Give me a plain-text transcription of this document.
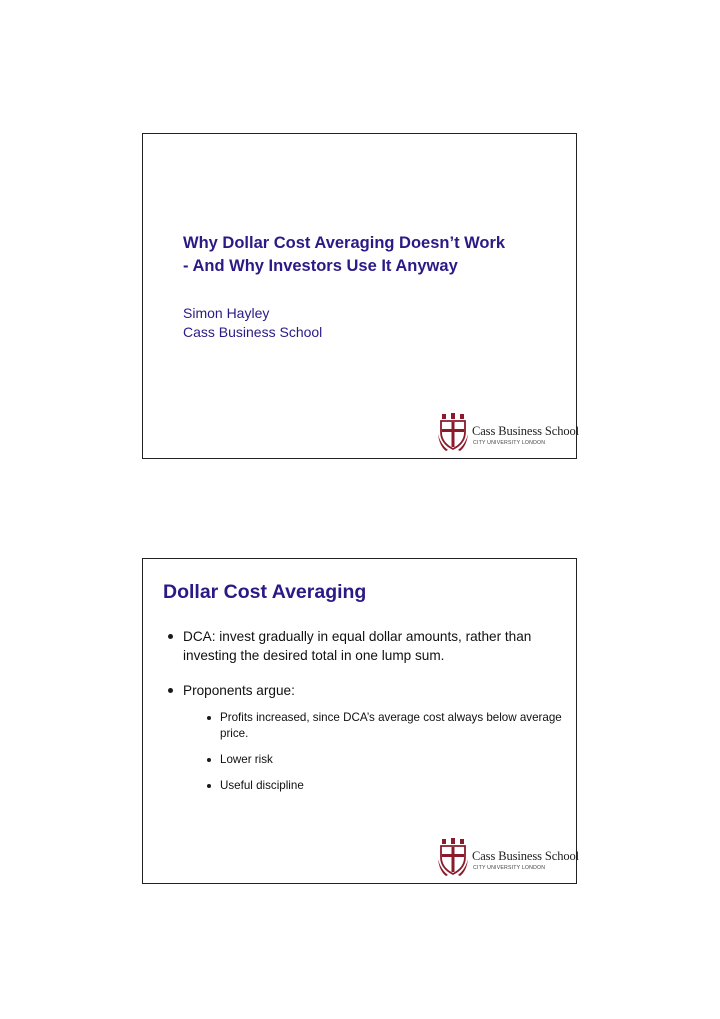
Why Dollar Cost Averaging Doesn’t Work
- And Why Investors Use It Anyway
Simon Hayley
Cass Business School
Cass Business School
CITY UNIVERSITY LONDON
Dollar Cost Averaging
DCA: invest gradually in equal dollar amounts, rather than investing the desired total in one lump sum.
Proponents argue:
Profits increased, since DCA’s average cost always below average price.
Lower risk
Useful discipline
Cass Business School
CITY UNIVERSITY LONDON
